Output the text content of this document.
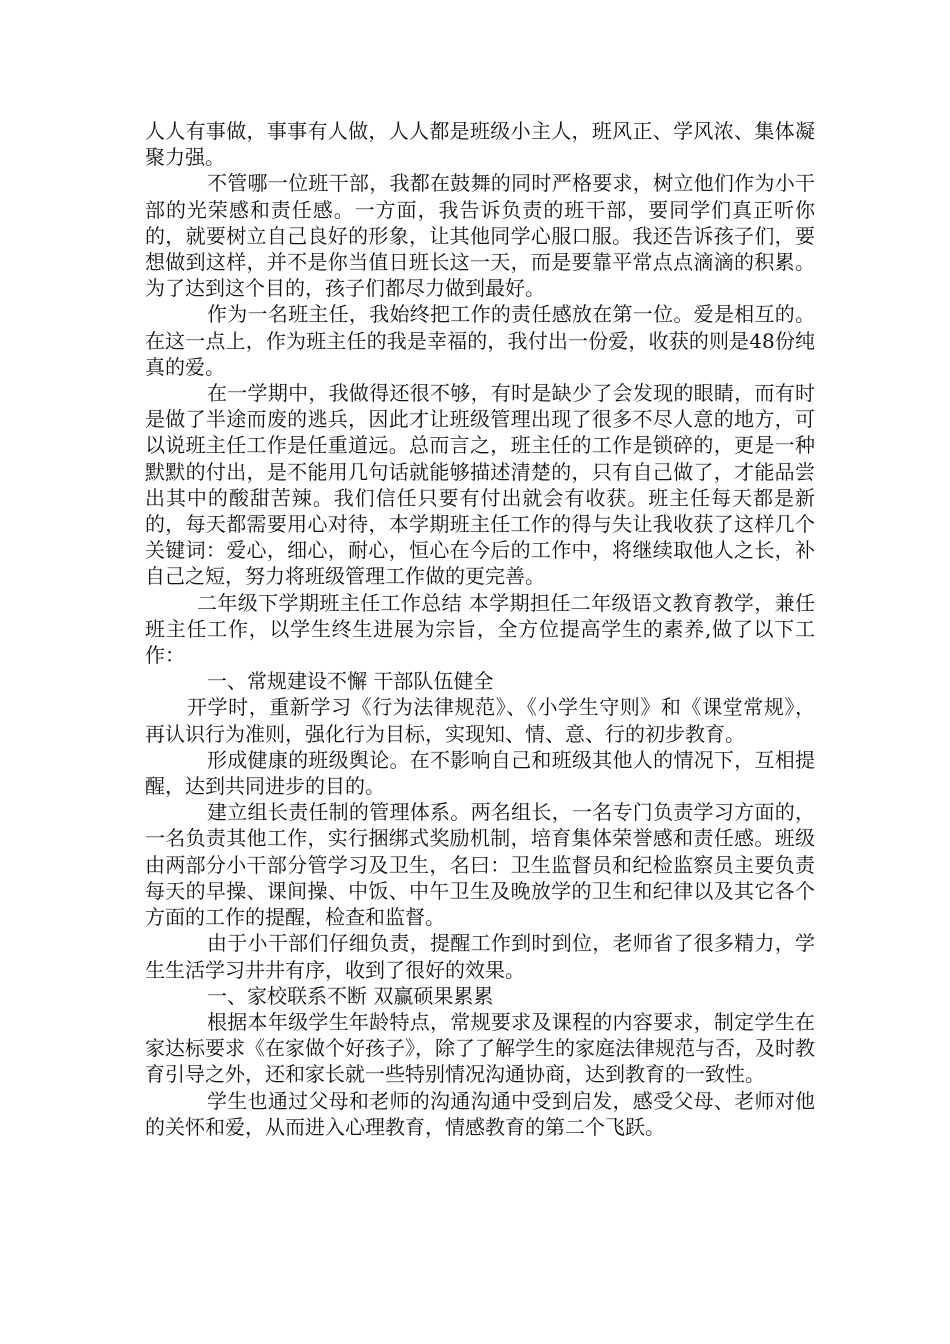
人人有事做，事事有人做，人人都是班级小主人，班风正、学风浓、集体凝聚力强。

不管哪一位班干部，我都在鼓舞的同时严格要求，树立他们作为小干部的光荣感和责任感。一方面，我告诉负责的班干部，要同学们真正听你的，就要树立自己良好的形象，让其他同学心服口服。我还告诉孩子们，要想做到这样，并不是你当值日班长这一天，而是要靠平常点点滴滴的积累。为了达到这个目的，孩子们都尽力做到最好。

作为一名班主任，我始终把工作的责任感放在第一位。爱是相互的。在这一点上，作为班主任的我是幸福的，我付出一份爱，收获的则是48份纯真的爱。

在一学期中，我做得还很不够，有时是缺少了会发现的眼睛，而有时是做了半途而废的逃兵，因此才让班级管理出现了很多不尽人意的地方，可以说班主任工作是任重道远。总而言之，班主任的工作是锁碎的，更是一种默默的付出，是不能用几句话就能够描述清楚的，只有自己做了，才能品尝出其中的酸甜苦辣。我们信任只要有付出就会有收获。班主任每天都是新的，每天都需要用心对待，本学期班主任工作的得与失让我收获了这样几个关键词：爱心，细心，耐心，恒心在今后的工作中，将继续取他人之长，补自己之短，努力将班级管理工作做的更完善。

二年级下学期班主任工作总结 本学期担任二年级语文教育教学，兼任班主任工作，以学生终生进展为宗旨，全方位提高学生的素养,做了以下工作：

一、常规建设不懈 干部队伍健全

开学时，重新学习《行为法律规范》、《小学生守则》和《课堂常规》，再认识行为准则，强化行为目标，实现知、情、意、行的初步教育。

形成健康的班级舆论。在不影响自己和班级其他人的情况下，互相提醒，达到共同进步的目的。

建立组长责任制的管理体系。两名组长，一名专门负责学习方面的，一名负责其他工作，实行捆绑式奖励机制，培育集体荣誉感和责任感。班级由两部分小干部分管学习及卫生，名曰：卫生监督员和纪检监察员主要负责每天的早操、课间操、中饭、中午卫生及晚放学的卫生和纪律以及其它各个方面的工作的提醒，检查和监督。

由于小干部们仔细负责，提醒工作到时到位，老师省了很多精力，学生生活学习井井有序，收到了很好的效果。

一、家校联系不断 双赢硕果累累

根据本年级学生年龄特点，常规要求及课程的内容要求，制定学生在家达标要求《在家做个好孩子》，除了了解学生的家庭法律规范与否，及时教育引导之外，还和家长就一些特别情况沟通协商，达到教育的一致性。

学生也通过父母和老师的沟通沟通中受到启发，感受父母、老师对他的关怀和爱，从而进入心理教育，情感教育的第二个飞跃。
